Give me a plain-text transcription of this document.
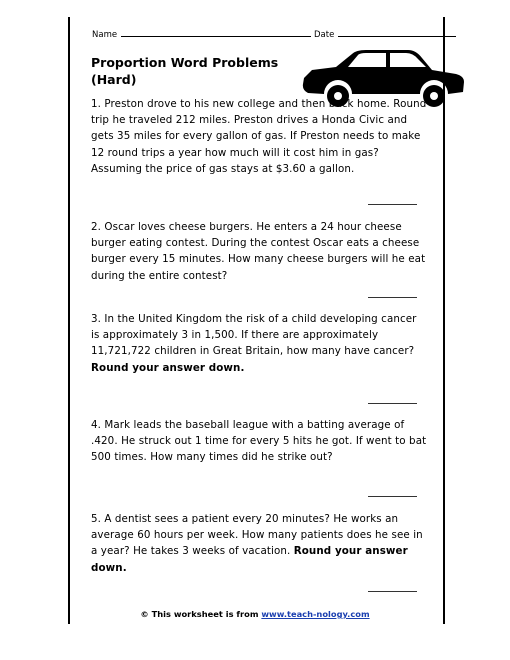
Name	Date
Proportion Word Problems
(Hard)

1. Preston drove to his new college and then back home. Round trip he traveled 212 miles. Preston drives a Honda Civic and gets 35 miles for every gallon of gas. If Preston needs to make 12 round trips a year how much will it cost him in gas? Assuming the price of gas stays at $3.60 a gallon.

2. Oscar loves cheese burgers. He enters a 24 hour cheese burger eating contest. During the contest Oscar eats a cheese burger every 15 minutes. How many cheese burgers will he eat during the entire contest?

3. In the United Kingdom the risk of a child developing cancer is approximately 3 in 1,500. If there are approximately 11,721,722 children in Great Britain, how many have cancer? Round your answer down.

4. Mark leads the baseball league with a batting average of .420. He struck out 1 time for every 5 hits he got. If went to bat 500 times. How many times did he strike out?

5. A dentist sees a patient every 20 minutes? He works an average 60 hours per week. How many patients does he see in a year? He takes 3 weeks of vacation. Round your answer down.

© This worksheet is from www.teach-nology.com
